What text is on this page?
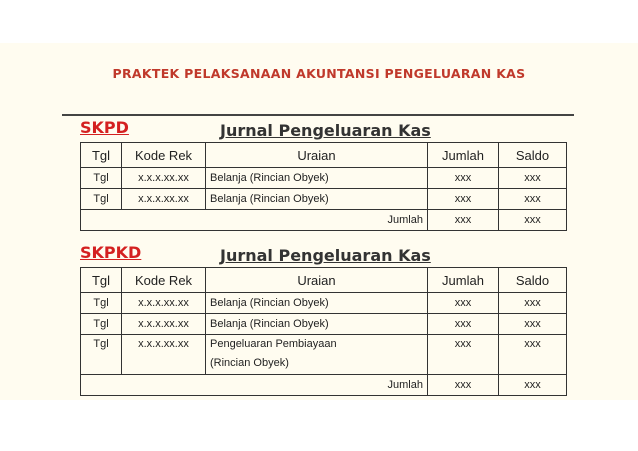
PRAKTEK PELAKSANAAN AKUNTANSI PENGELUARAN KAS
SKPD	Jurnal Pengeluaran Kas
Tgl	Kode Rek	Uraian	Jumlah	Saldo
Tgl	x.x.x.xx.xx	Belanja (Rincian Obyek)	xxx	xxx
Tgl	x.x.x.xx.xx	Belanja (Rincian Obyek)	xxx	xxx
Jumlah			xxx	xxx
SKPKD	Jurnal Pengeluaran Kas
Tgl	Kode Rek	Uraian	Jumlah	Saldo
Tgl	x.x.x.xx.xx	Belanja (Rincian Obyek)	xxx	xxx
Tgl	x.x.x.xx.xx	Belanja (Rincian Obyek)	xxx	xxx
Tgl	x.x.x.xx.xx	Pengeluaran Pembiayaan
(Rincian Obyek)	xxx	xxx
Jumlah			xxx	xxx
